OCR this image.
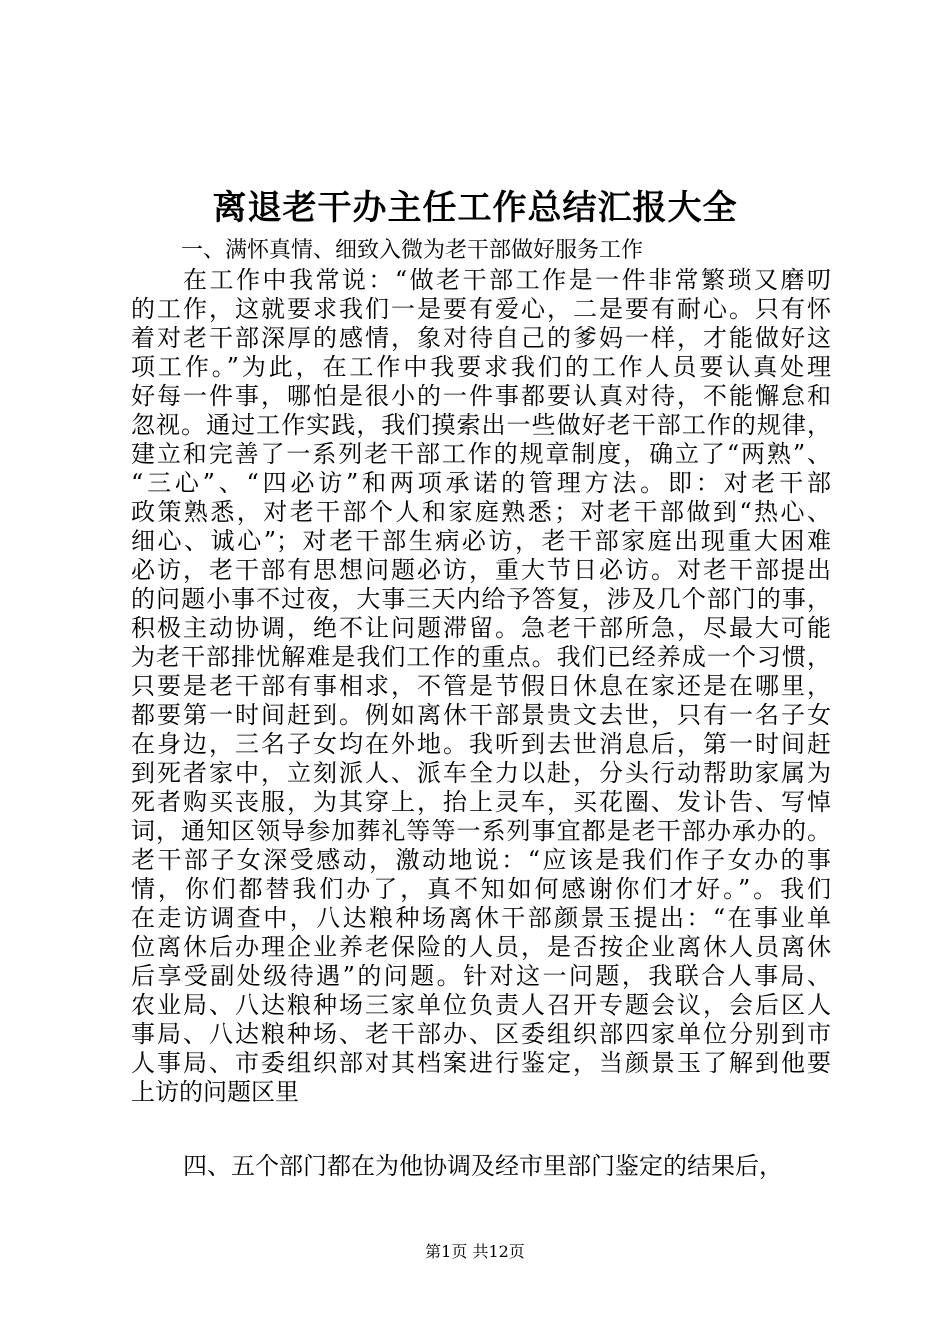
离退老干办主任工作总结汇报大全
一、满怀真情、细致入微为老干部做好服务工作
在工作中我常说：“做老干部工作是一件非常繁琐又磨叨
的工作，这就要求我们一是要有爱心，二是要有耐心。只有怀
着对老干部深厚的感情，象对待自己的爹妈一样，才能做好这
项工作。”为此，在工作中我要求我们的工作人员要认真处理
好每一件事，哪怕是很小的一件事都要认真对待，不能懈怠和
忽视。通过工作实践，我们摸索出一些做好老干部工作的规律，
建立和完善了一系列老干部工作的规章制度，确立了“两熟”、
“三心”、“四必访”和两项承诺的管理方法。即：对老干部
政策熟悉，对老干部个人和家庭熟悉；对老干部做到“热心、
细心、诚心”；对老干部生病必访，老干部家庭出现重大困难
必访，老干部有思想问题必访，重大节日必访。对老干部提出
的问题小事不过夜，大事三天内给予答复，涉及几个部门的事，
积极主动协调，绝不让问题滞留。急老干部所急，尽最大可能
为老干部排忧解难是我们工作的重点。我们已经养成一个习惯，
只要是老干部有事相求，不管是节假日休息在家还是在哪里，
都要第一时间赶到。例如离休干部景贵文去世，只有一名子女
在身边，三名子女均在外地。我听到去世消息后，第一时间赶
到死者家中，立刻派人、派车全力以赴，分头行动帮助家属为
死者购买丧服，为其穿上，抬上灵车，买花圈、发讣告、写悼
词，通知区领导参加葬礼等等一系列事宜都是老干部办承办的。
老干部子女深受感动，激动地说：“应该是我们作子女办的事
情，你们都替我们办了，真不知如何感谢你们才好。”。我们
在走访调查中，八达粮种场离休干部颜景玉提出：“在事业单
位离休后办理企业养老保险的人员，是否按企业离休人员离休
后享受副处级待遇”的问题。针对这一问题，我联合人事局、
农业局、八达粮种场三家单位负责人召开专题会议，会后区人
事局、八达粮种场、老干部办、区委组织部四家单位分别到市
人事局、市委组织部对其档案进行鉴定，当颜景玉了解到他要
上访的问题区里
四、五个部门都在为他协调及经市里部门鉴定的结果后，
第1页 共12页
